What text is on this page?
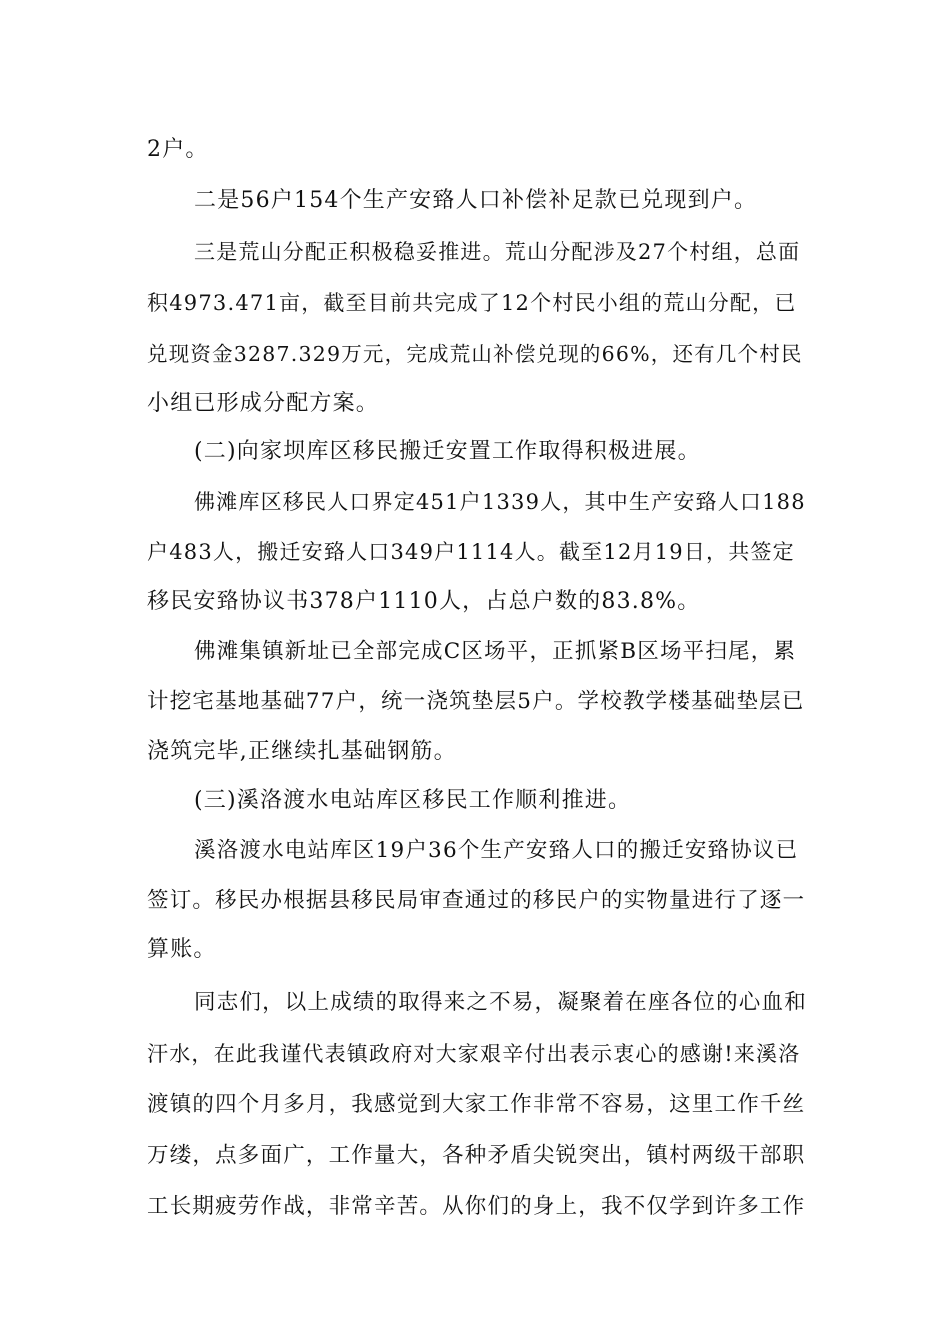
2户。

二是56户154个生产安臵人口补偿补足款已兑现到户。

三是荒山分配正积极稳妥推进。荒山分配涉及27个村组，总面

积4973.471亩，截至目前共完成了12个村民小组的荒山分配，已

兑现资金3287.329万元，完成荒山补偿兑现的66%，还有几个村民

小组已形成分配方案。

(二)向家坝库区移民搬迁安置工作取得积极进展。

佛滩库区移民人口界定451户1339人，其中生产安臵人口188

户483人，搬迁安臵人口349户1114人。截至12月19日，共签定

移民安臵协议书378户1110人，占总户数的83.8%。

佛滩集镇新址已全部完成C区场平，正抓紧B区场平扫尾，累

计挖宅基地基础77户，统一浇筑垫层5户。学校教学楼基础垫层已

浇筑完毕,正继续扎基础钢筋。

(三)溪洛渡水电站库区移民工作顺利推进。

溪洛渡水电站库区19户36个生产安臵人口的搬迁安臵协议已

签订。移民办根据县移民局审查通过的移民户的实物量进行了逐一

算账。

同志们，以上成绩的取得来之不易，凝聚着在座各位的心血和

汗水，在此我谨代表镇政府对大家艰辛付出表示衷心的感谢!来溪洛

渡镇的四个月多月，我感觉到大家工作非常不容易，这里工作千丝

万缕，点多面广，工作量大，各种矛盾尖锐突出，镇村两级干部职

工长期疲劳作战，非常辛苦。从你们的身上，我不仅学到许多工作
